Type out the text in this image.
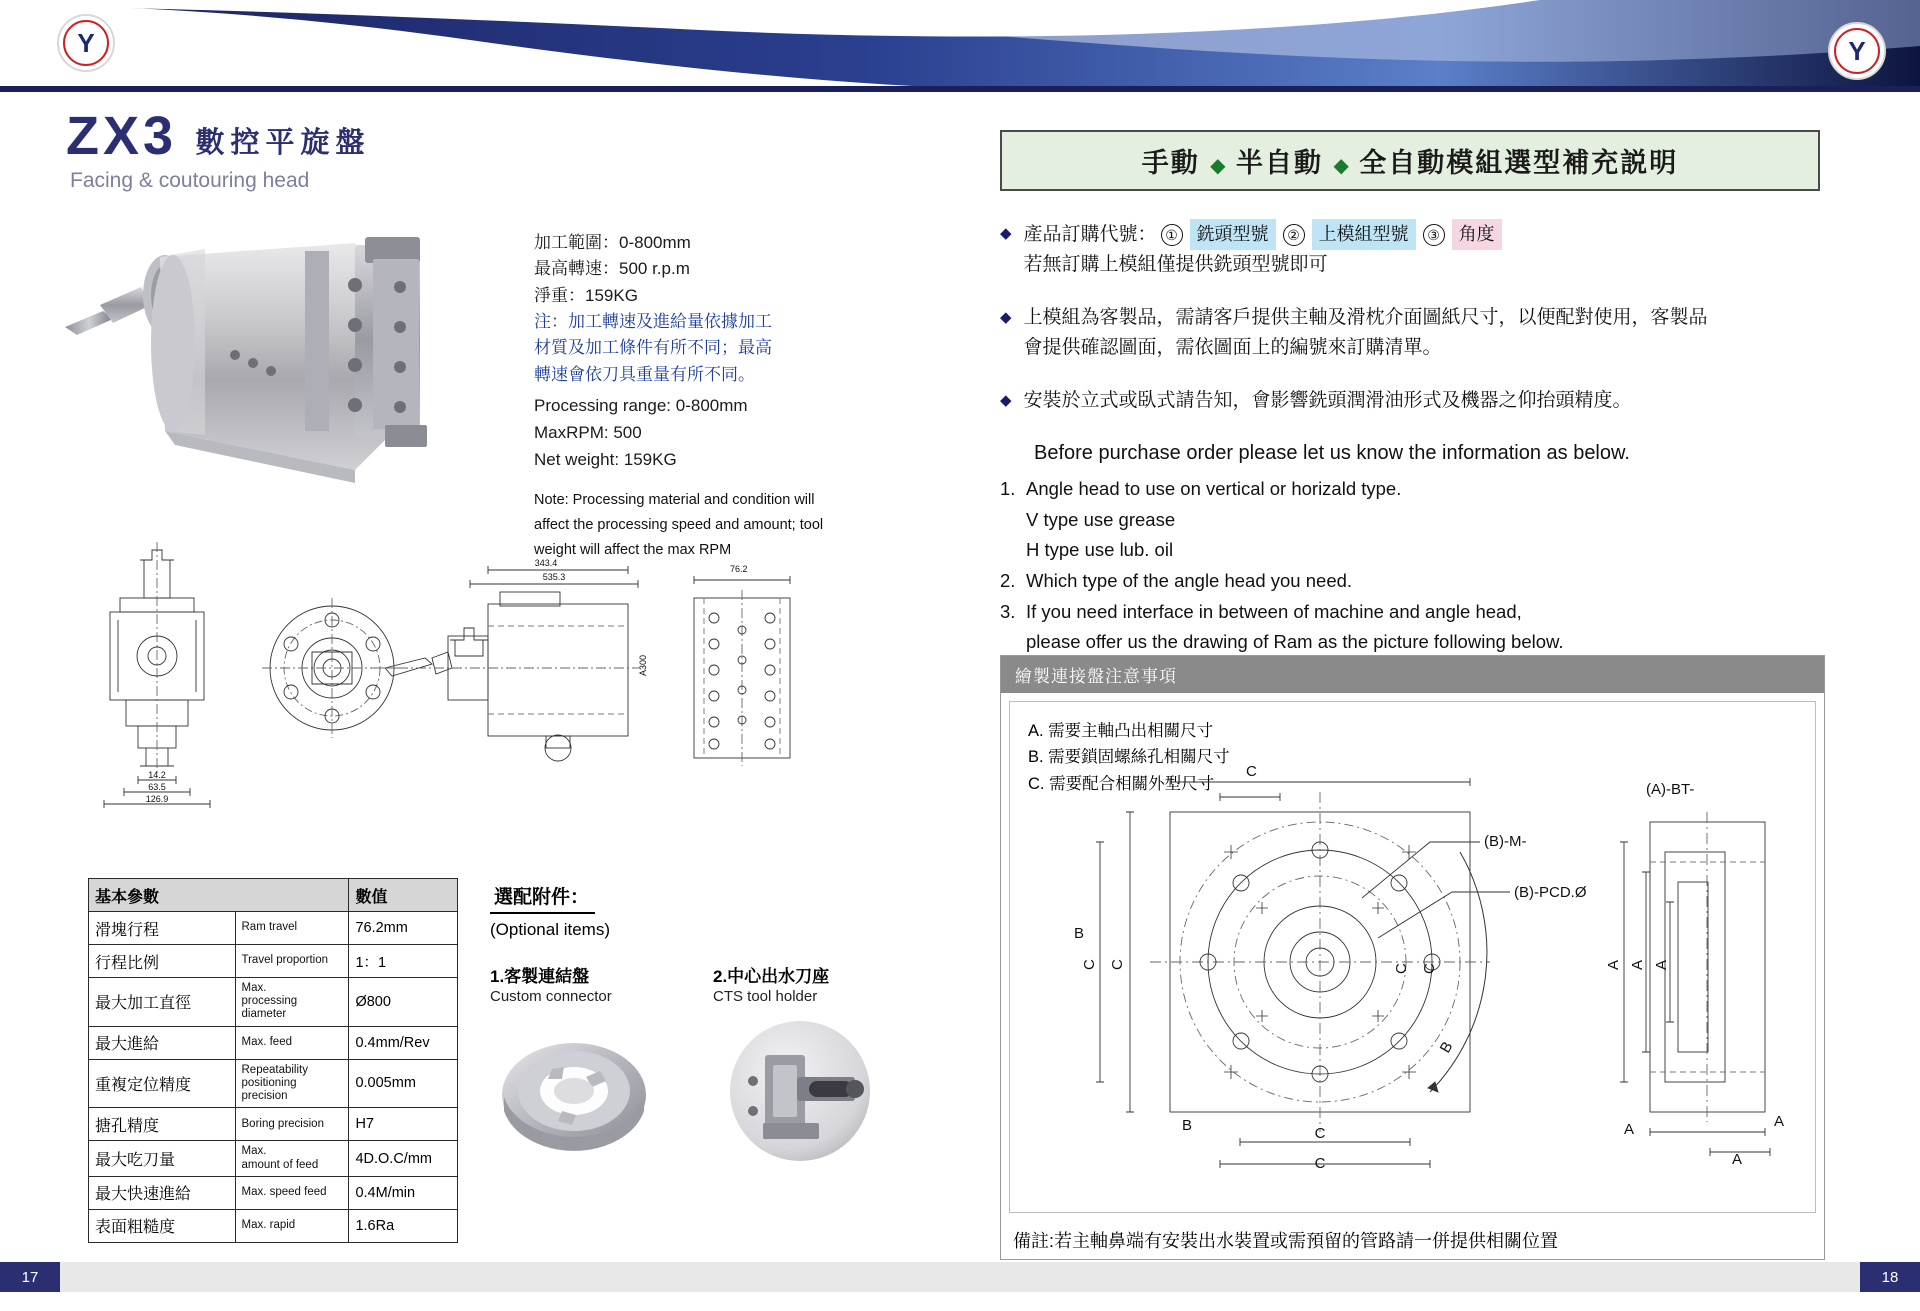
Y	Y
ZX3 數控平旋盤
Facing & coutouring head
加工範圍：0-800mm
最高轉速：500 r.p.m
淨重：159KG
注：加工轉速及進給量依據加工
材質及加工條件有所不同；最高
轉速會依刀具重量有所不同。
Processing range: 0-800mm
MaxRPM: 500
Net weight: 159KG
Note: Processing material and condition will
affect the processing speed and amount; tool
weight will affect the max RPM
343.4
535.3
76.2
A300
14.2
63.5
126.9
基本參數		數值
滑塊行程	Ram travel	76.2mm
行程比例	Travel proportion	1：1
最大加工直徑	Max.
processing diameter	Ø800
最大進給	Max. feed	0.4mm/Rev
重複定位精度	Repeatability
positioning precision	0.005mm
搪孔精度	Boring precision	H7
最大吃刀量	Max.
amount of feed	4D.O.C/mm
最大快速進給	Max. speed feed	0.4M/min
表面粗糙度	Max. rapid	1.6Ra
選配附件：
(Optional items)
1.客製連結盤
Custom connector
2.中心出水刀座
CTS tool holder
手動 ◆ 半自動 ◆ 全自動模組選型補充説明
◆ 產品訂購代號： ① 銑頭型號 ② 上模組型號 ③ 角度
若無訂購上模組僅提供銑頭型號即可
◆ 上模組為客製品，需請客戶提供主軸及滑枕介面圖紙尺寸，以便配對使用，客製品
會提供確認圖面，需依圖面上的編號來訂購清單。
◆ 安裝於立式或臥式請告知，會影響銑頭潤滑油形式及機器之仰抬頭精度。
Before purchase order please let us know the information as below.
1. Angle head to use on vertical or horizald type.
V type use grease
H type use lub. oil
2. Which type of the angle head you need.
3. If you need interface in between of machine and angle head,
please offer us the drawing of Ram as the picture following below.
繪製連接盤注意事項
A. 需要主軸凸出相關尺寸
B. 需要鎖固螺絲孔相關尺寸
C. 需要配合相關外型尺寸
(B)-M-
(B)-PCD.Ø
(A)-BT-
C
C
C
C C
C
C
B
B
B
A A A
A	A
A
備註:若主軸鼻端有安裝出水裝置或需預留的管路請一併提供相關位置
17	18
